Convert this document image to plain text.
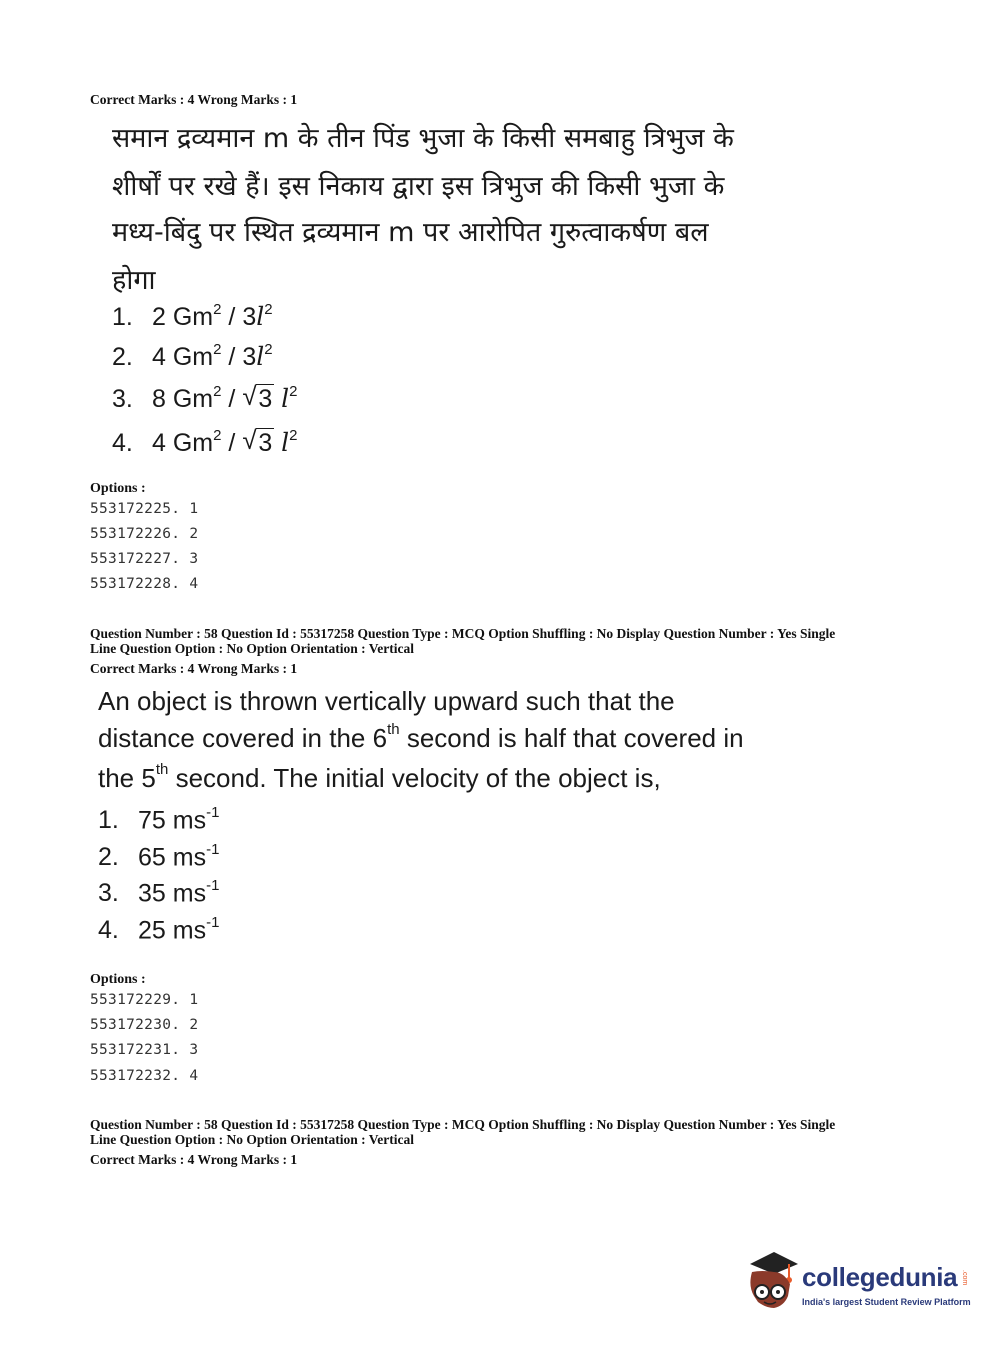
Correct Marks : 4 Wrong Marks : 1
समान द्रव्यमान m के तीन पिंड भुजा के किसी समबाहु त्रिभुज के
शीर्षों पर रखे हैं। इस निकाय द्वारा इस त्रिभुज की किसी भुजा के
मध्य-बिंदु पर स्थित द्रव्यमान m पर आरोपित गुरुत्वाकर्षण बल
होगा
1. 2 $Gm^2 / 3l^2$
2. 4 $Gm^2 / 3l^2$
3. 8 Gm$^2$ / √ 3 $l^2$
4. 4 Gm$^2$ / √ 3 $l^2$
Options :
553172225. 1
553172226. 2
553172227. 3
553172228. 4
Question Number : 58 Question Id : 55317258 Question Type : MCQ Option Shuffling : No Display Question Number : Yes Single
Line Question Option : No Option Orientation : Vertical
Correct Marks : 4 Wrong Marks : 1
An object is thrown vertically upward such that the
distance covered in the 6th second is half that covered in
the 5th second. The initial velocity of the object is,
1. 75 $ms^{-1}$
2. 65 $ms^{-1}$
3. 35 $ms^{-1}$
4. 25 $ms^{-1}$
Options :
553172229. 1
553172230. 2
553172231. 3
553172232. 4
Question Number : 58 Question Id : 55317258 Question Type : MCQ Option Shuffling : No Display Question Number : Yes Single
Line Question Option : No Option Orientation : Vertical
Correct Marks : 4 Wrong Marks : 1
collegedunia .com
India's largest Student Review Platform
